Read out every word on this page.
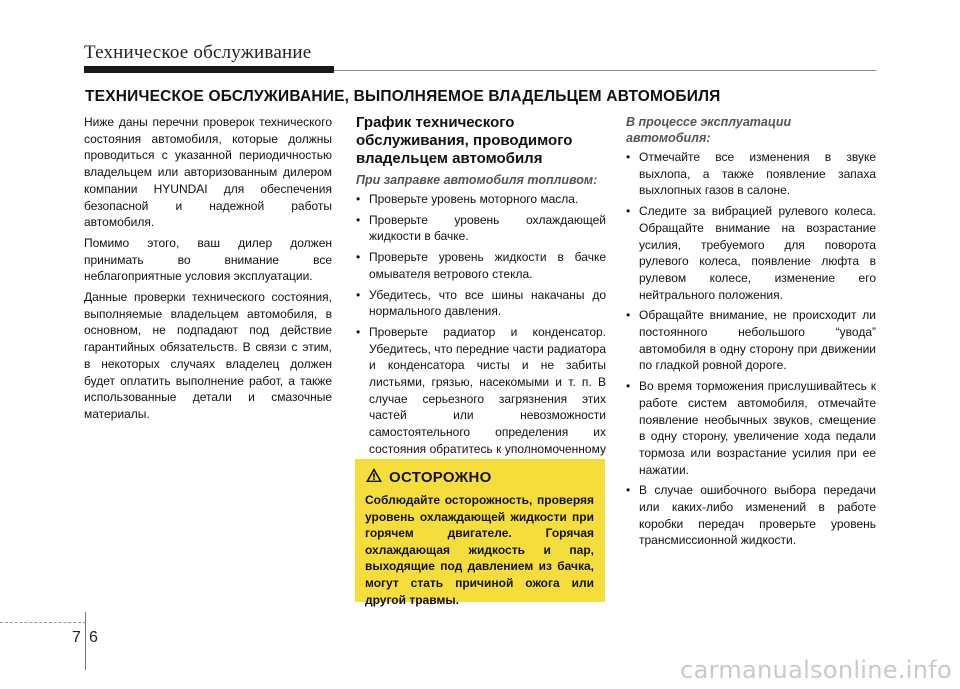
Техническое обслуживание
ТЕХНИЧЕСКОЕ ОБСЛУЖИВАНИЕ, ВЫПОЛНЯЕМОЕ ВЛАДЕЛЬЦЕМ АВТОМОБИЛЯ

Ниже даны перечни проверок технического состояния автомобиля, которые должны проводиться с указанной периодичностью владельцем или авторизованным дилером компании HYUNDAI для обеспечения безопасной и надежной работы автомобиля.

Помимо этого, ваш дилер должен принимать во внимание все неблагоприятные условия эксплуатации.

Данные проверки технического состояния, выполняемые владельцем автомобиля, в основном, не подпадают под действие гарантийных обязательств. В связи с этим, в некоторых случаях владелец должен будет оплатить выполнение работ, а также использованные детали и смазочные материалы.

График технического обслуживания, проводимого владельцем автомобиля
При заправке автомобиля топливом:
• Проверьте уровень моторного масла.
• Проверьте уровень охлаждающей жидкости в бачке.
• Проверьте уровень жидкости в бачке омывателя ветрового стекла.
• Убедитесь, что все шины накачаны до нормального давления.
• Проверьте радиатор и конденсатор. Убедитесь, что передние части радиатора и конденсатора чисты и не забиты листьями, грязью, насекомыми и т. п. В случае серьезного загрязнения этих частей или невозможности самостоятельного определения их состояния обратитесь к уполномоченному
ОСТОРОЖНО
Соблюдайте осторожность, проверяя уровень охлаждающей жидкости при горячем двигателе. Горячая охлаждающая жидкость и пар, выходящие под давлением из бачка, могут стать причиной ожога или другой травмы.
В процессе эксплуатации автомобиля:
• Отмечайте все изменения в звуке выхлопа, а также появление запаха выхлопных газов в салоне.
• Следите за вибрацией рулевого колеса. Обращайте внимание на возрастание усилия, требуемого для поворота рулевого колеса, появление люфта в рулевом колесе, изменение его нейтрального положения.
• Обращайте внимание, не происходит ли постоянного небольшого “увода” автомобиля в одну сторону при движении по гладкой ровной дороге.
• Во время торможения прислушивайтесь к работе систем автомобиля, отмечайте появление необычных звуков, смещение в одну сторону, увеличение хода педали тормоза или возрастание усилия при ее нажатии.
• В случае ошибочного выбора передачи или каких-либо изменений в работе коробки передач проверьте уровень трансмиссионной жидкости.
7 6
carmanualsonline.info
